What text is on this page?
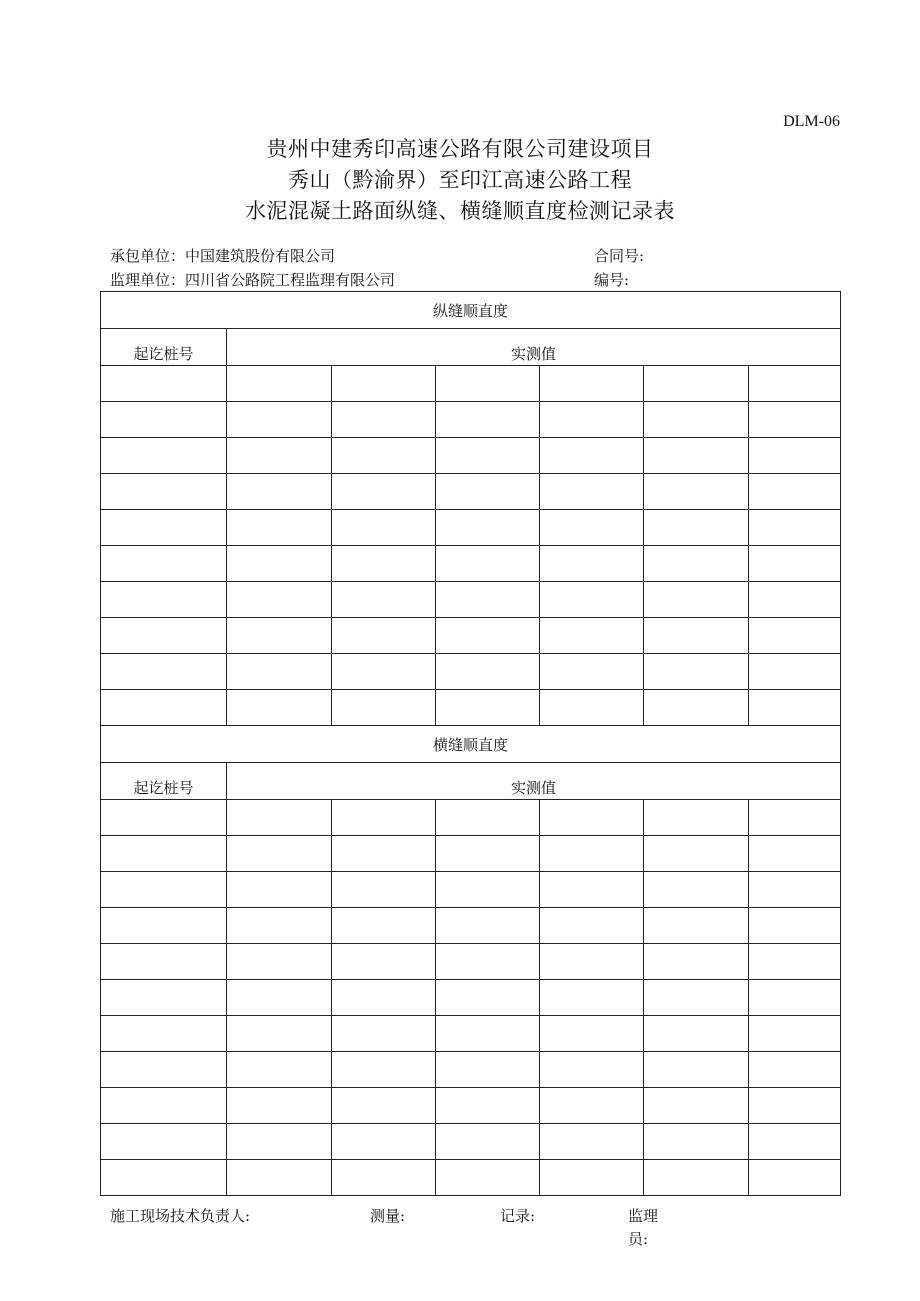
DLM-06
贵州中建秀印高速公路有限公司建设项目
秀山（黔渝界）至印江高速公路工程
水泥混凝土路面纵缝、横缝顺直度检测记录表
承包单位：中国建筑股份有限公司	合同号:
监理单位：四川省公路院工程监理有限公司	编号:
纵缝顺直度						
起讫桩号	实测值					

横缝顺直度						
起讫桩号	实测值					

施工现场技术负责人:	测量:	记录:	监理
员:
